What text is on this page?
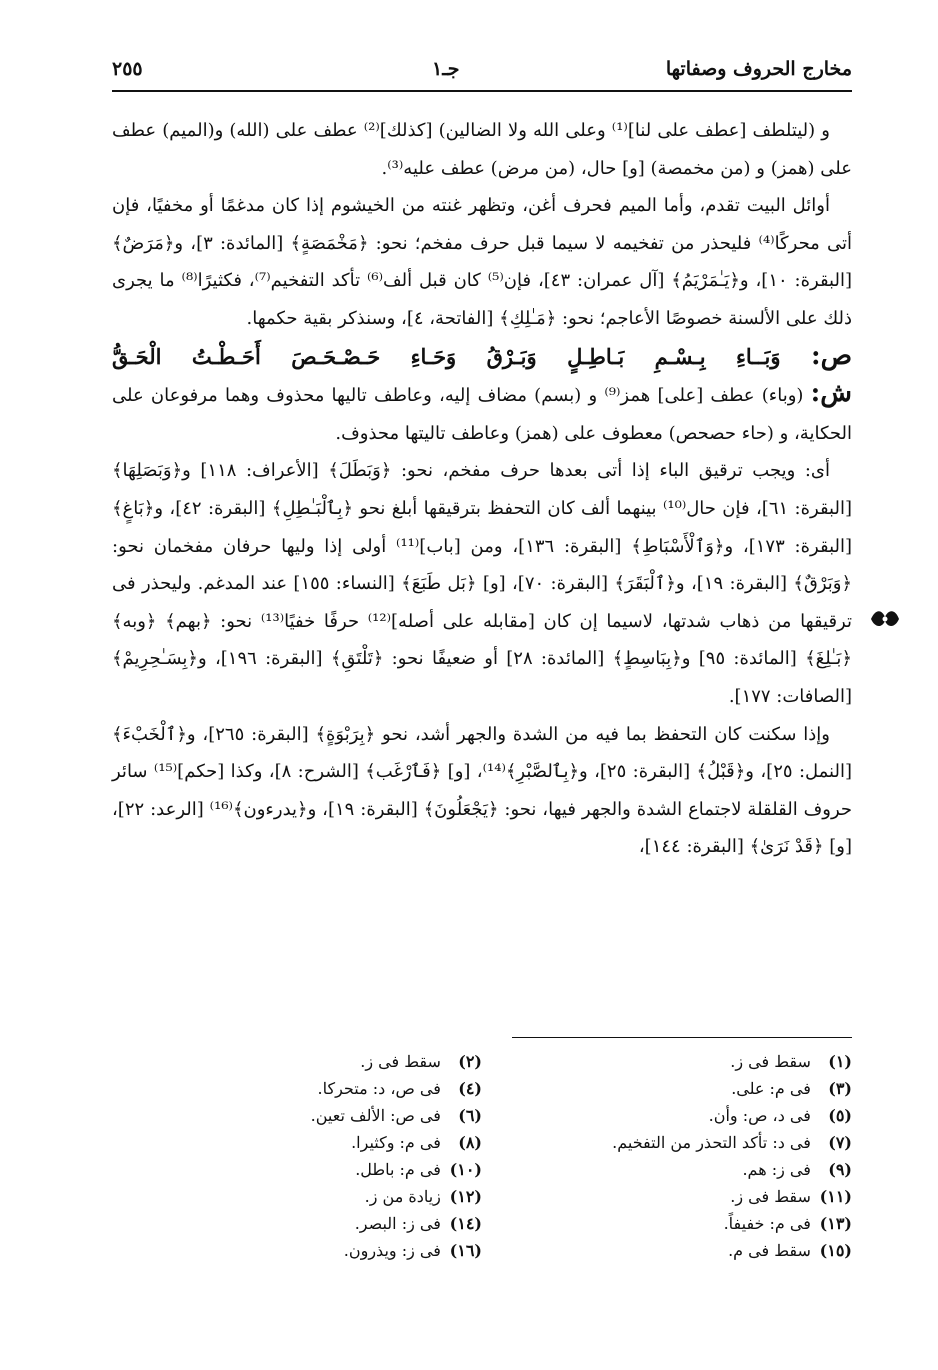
مخارج الحروف وصفاتها
جـ١
٢٥٥

و (ليتلطف [عطف على لنا]⁽¹⁾ وعلى الله ولا الضالين) [كذلك]⁽²⁾ عطف على (الله) و(الميم) عطف على (همز) و (من مخمصة) [و] حال، (من مرض) عطف عليه⁽³⁾.

أوائل البيت تقدم، وأما الميم فحرف أغن، وتظهر غنته من الخيشوم إذا كان مدغمًا أو مخفيًا، فإن أتى محركًا⁽⁴⁾ فليحذر من تفخيمه لا سيما قبل حرف مفخم؛ نحو: ﴿مَخْمَصَةٍ﴾ [المائدة: ٣]، و﴿مَرَضٌ﴾ [البقرة: ١٠]، و﴿يَـٰمَرْيَمُ﴾ [آل عمران: ٤٣]، فإن⁽⁵⁾ كان قبل ألف⁽⁶⁾ تأكد التفخيم⁽⁷⁾، فكثيرًا⁽⁸⁾ ما يجرى ذلك على الألسنة خصوصًا الأعاجم؛ نحو: ﴿مَـٰلِكِ﴾ [الفاتحة، ٤]، وسنذكر بقية حكمها.

ص: وَبَــاءِ بِـسْـمِ بَـاطِـلٍ وَبَـرْقُ وَحَـاءِ حَـصْـحَـصَ أَحَـطْـتُ الْحَـقُّ

ش: (وباء) عطف [على] همز⁽⁹⁾ و (بسم) مضاف إليه، وعاطف تاليها محذوف وهما مرفوعان على الحكاية، و (حاء حصحص) معطوف على (همز) وعاطف تاليتها محذوف.

أى: ويجب ترقيق الباء إذا أتى بعدها حرف مفخم، نحو: ﴿وَبَطَلَ﴾ [الأعراف: ١١٨] و﴿وَبَصَلِهَا﴾ [البقرة: ٦١]، فإن حال⁽¹⁰⁾ بينهما ألف كان التحفظ بترقيقها أبلغ نحو ﴿بِٱلْبَـٰطِلِ﴾ [البقرة: ٤٢]، و﴿بَاغٍ﴾ [البقرة: ١٧٣]، و﴿وَٱلْأَسْبَاطِ﴾ [البقرة: ١٣٦]، ومن [باب]⁽¹¹⁾ أولى إذا وليها حرفان مفخمان نحو: ﴿وَبَرْقٌ﴾ [البقرة: ١٩]، و﴿ٱلْبَقَرَ﴾ [البقرة: ٧٠]، [و] ﴿بَل طَبَعَ﴾ [النساء: ١٥٥] عند المدغم. وليحذر فى ترقيقها من ذهاب شدتها، لاسيما إن كان [مقابله على أصله]⁽¹²⁾ حرفًا خفيًا⁽¹³⁾ نحو: ﴿بهم﴾ ﴿وبه﴾ ﴿بَـٰلِغَ﴾ [المائدة: ٩٥] و﴿بِبَاسِطٍ﴾ [المائدة: ٢٨] أو ضعيفًا نحو: ﴿تَلْتَقِ﴾ [البقرة: ١٩٦]، و﴿بِسَـٰحِرِيمْ﴾ [الصافات: ١٧٧].

وإذا سكنت كان التحفظ بما فيه من الشدة والجهر أشد، نحو ﴿بِرَبْوَةٍ﴾ [البقرة: ٢٦٥]، و﴿ٱلْخَبْءَ﴾ [النمل: ٢٥]، و﴿قَبْلُ﴾ [البقرة: ٢٥]، و﴿بِٱلصَّبْرِ﴾⁽¹⁴⁾، [و] ﴿فَٱرْغَب﴾ [الشرح: ٨]، وكذا [حكم]⁽¹⁵⁾ سائر حروف القلقلة لاجتماع الشدة والجهر فيها، نحو: ﴿يَجْعَلُونَ﴾ [البقرة: ١٩]، و﴿يدرءون﴾⁽¹⁶⁾ [الرعد: ٢٢]، [و] ﴿قَدْ نَرَىٰ﴾ [البقرة: ١٤٤]،

(١) سقط فى ز.
(٣) فى م: على.
(٥) فى د، ص: وأن.
(٧) فى د: تأكد التحذر من التفخيم.
(٩) فى ز: هم.
(١١) سقط فى ز.
(١٣) فى م: خفيفاً.
(١٥) سقط فى م.
(٢) سقط فى ز.
(٤) فى ص، د: متحركا.
(٦) فى ص: الألف تعين.
(٨) فى م: وكثيرا.
(١٠) فى م: باطل.
(١٢) زيادة من ز.
(١٤) فى ز: البصر.
(١٦) فى ز: ويذرون.
